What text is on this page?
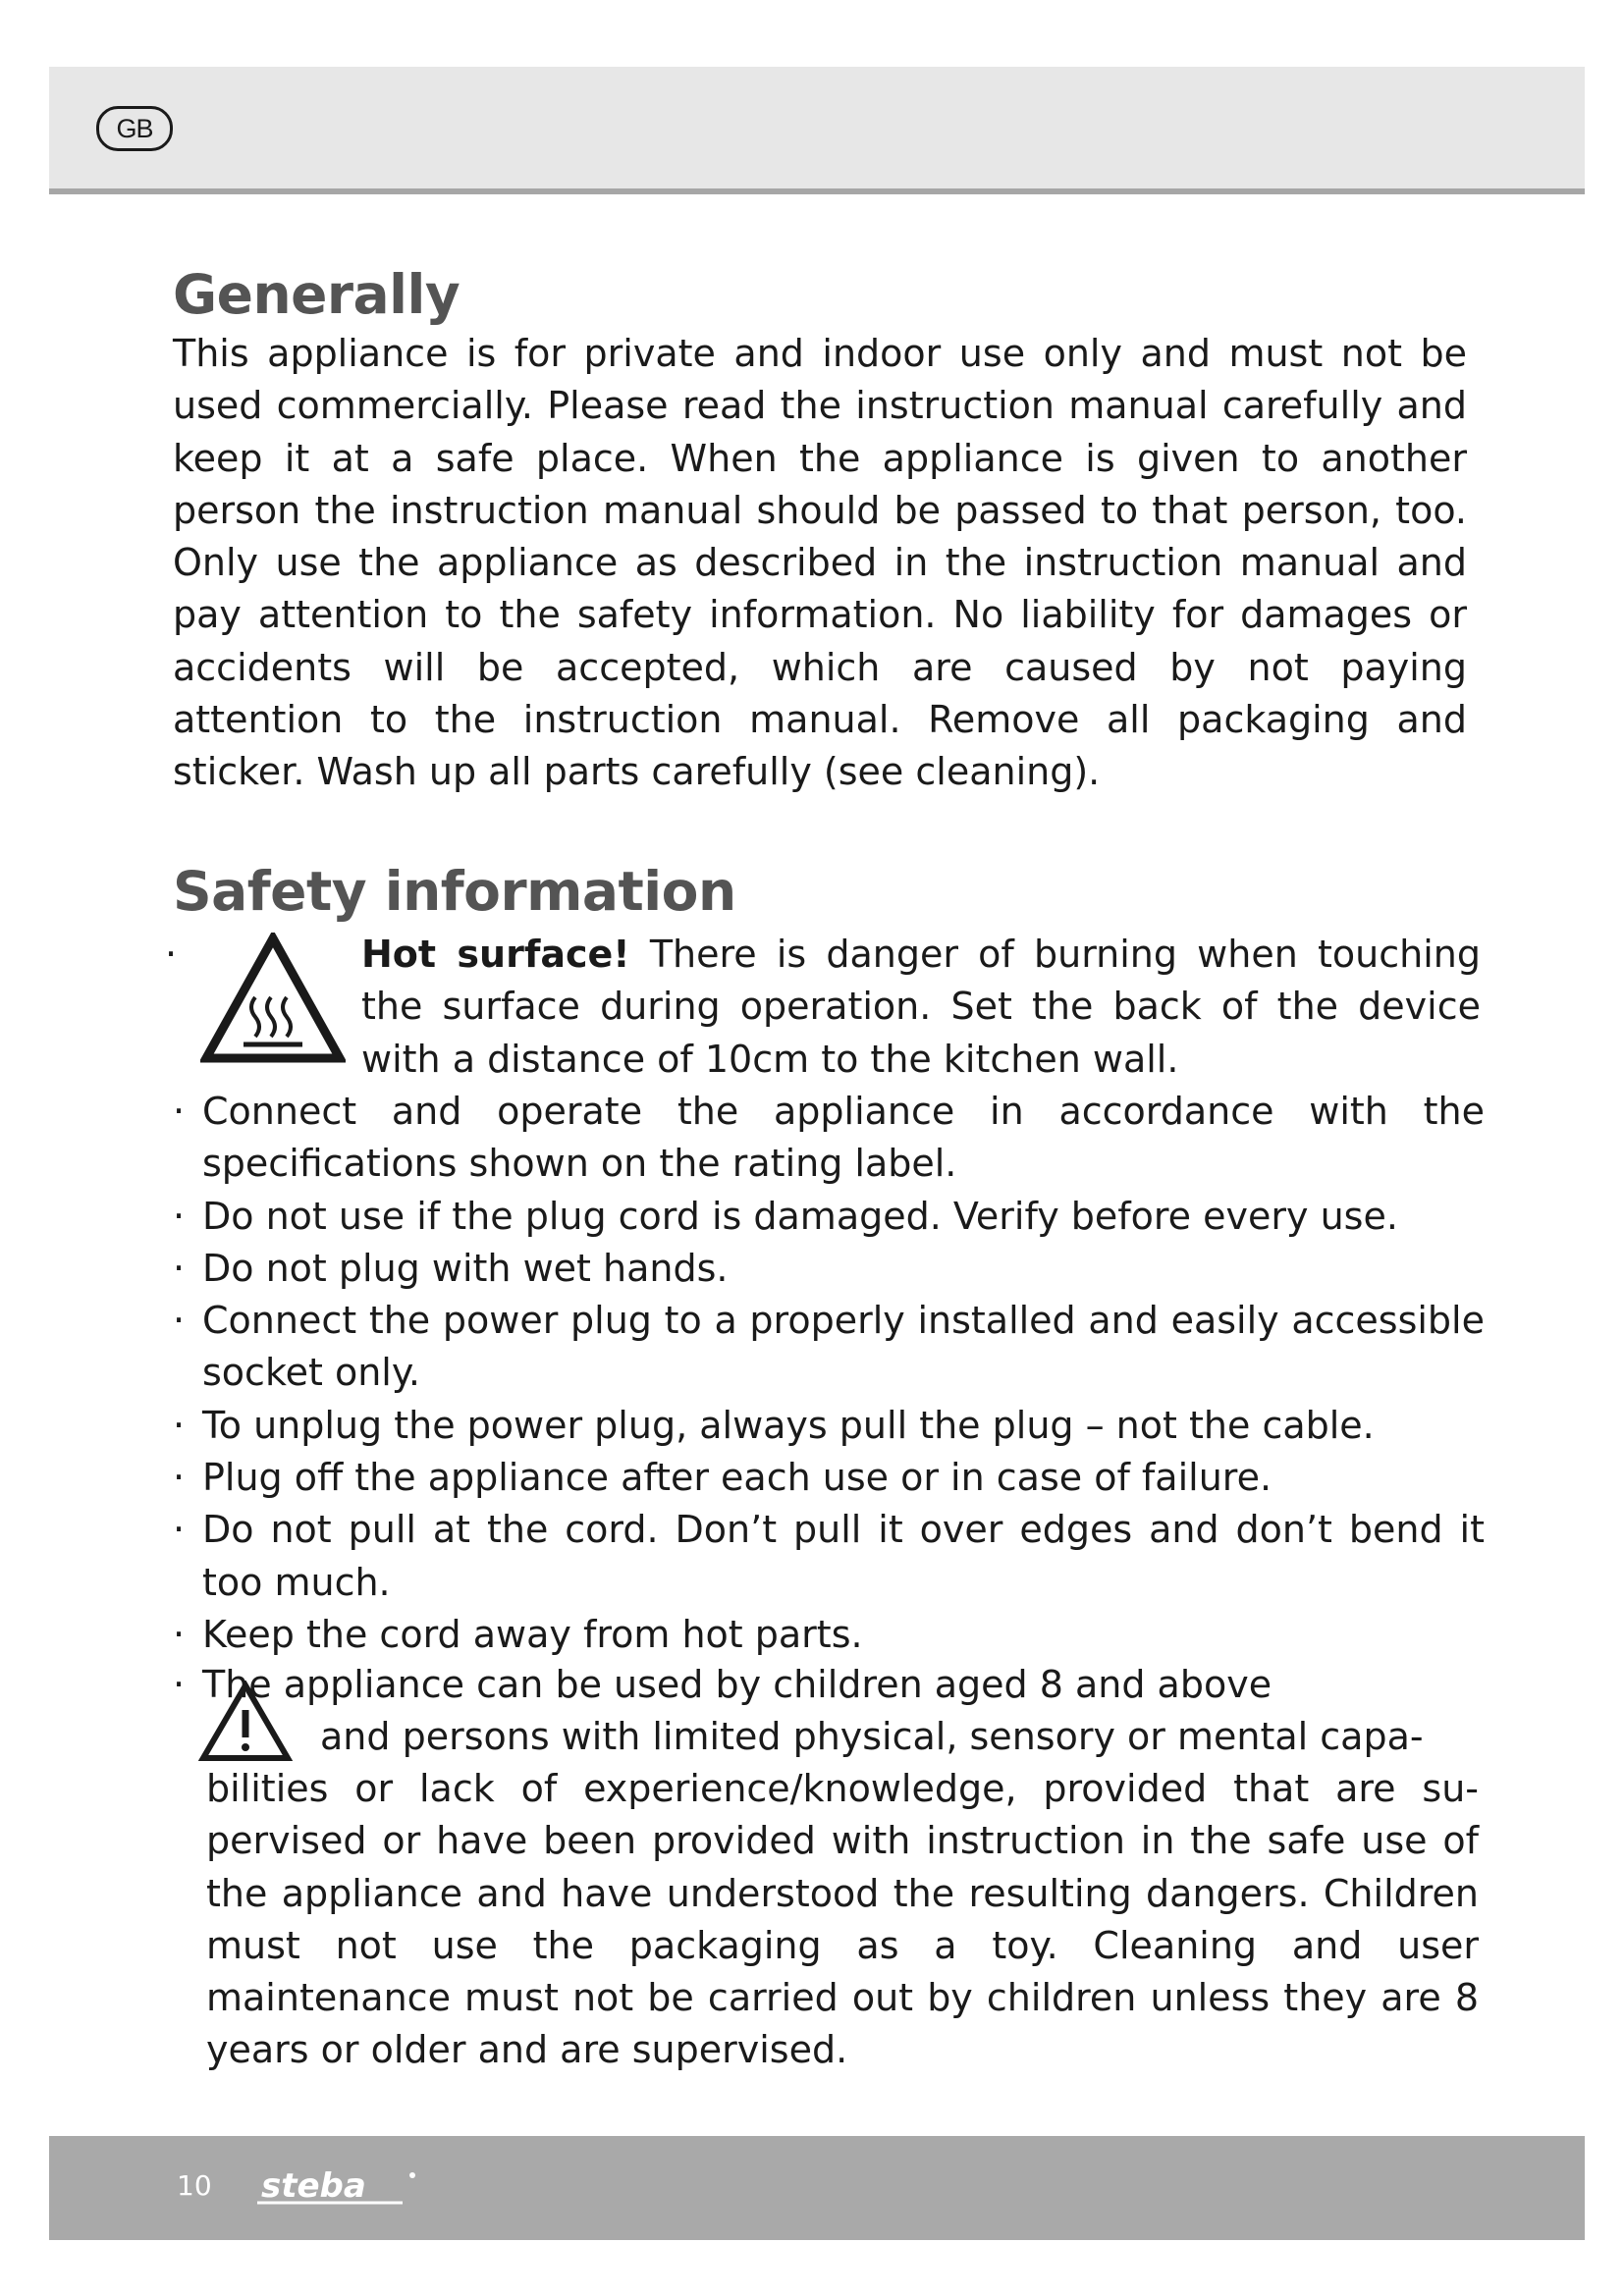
GB
Generally

This appliance is for private and indoor use only and must not be used commercially. Please read the instruction manual carefully and keep it at a safe place. When the appliance is given to another person the instruction manual should be passed to that person, too. Only use the appliance as described in the instruction manual and pay attention to the safety information. No liability for damages or accidents will be accepted, which are caused by not paying attention to the instruction manual. Remove all packaging and sticker. Wash up all parts carefully (see cleaning).

Safety information
·	Hot surface! There is danger of burning when touching the surface during operation. Set the back of the device with a distance of 10cm to the kitchen wall.

· Connect and operate the appliance in accordance with the specifications shown on the rating label.
· Do not use if the plug cord is damaged. Verify before every use.
· Do not plug with wet hands.
· Connect the power plug to a properly installed and easily accessible socket only.
· To unplug the power plug, always pull the plug – not the cable.
· Plug off the appliance after each use or in case of failure.
· Do not pull at the cord. Don’t pull it over edges and don’t bend it too much.
· Keep the cord away from hot parts.
· The appliance can be used by children aged 8 and above

and persons with limited physical, sensory or mental capa-

bilities or lack of experience/knowledge, provided that are supervised or have been provided with instruction in the safe use of the appliance and have understood the resulting dangers. Children must not use the packaging as a toy. Cleaning and user maintenance must not be carried out by children unless they are 8 years or older and are supervised.

10 steba
